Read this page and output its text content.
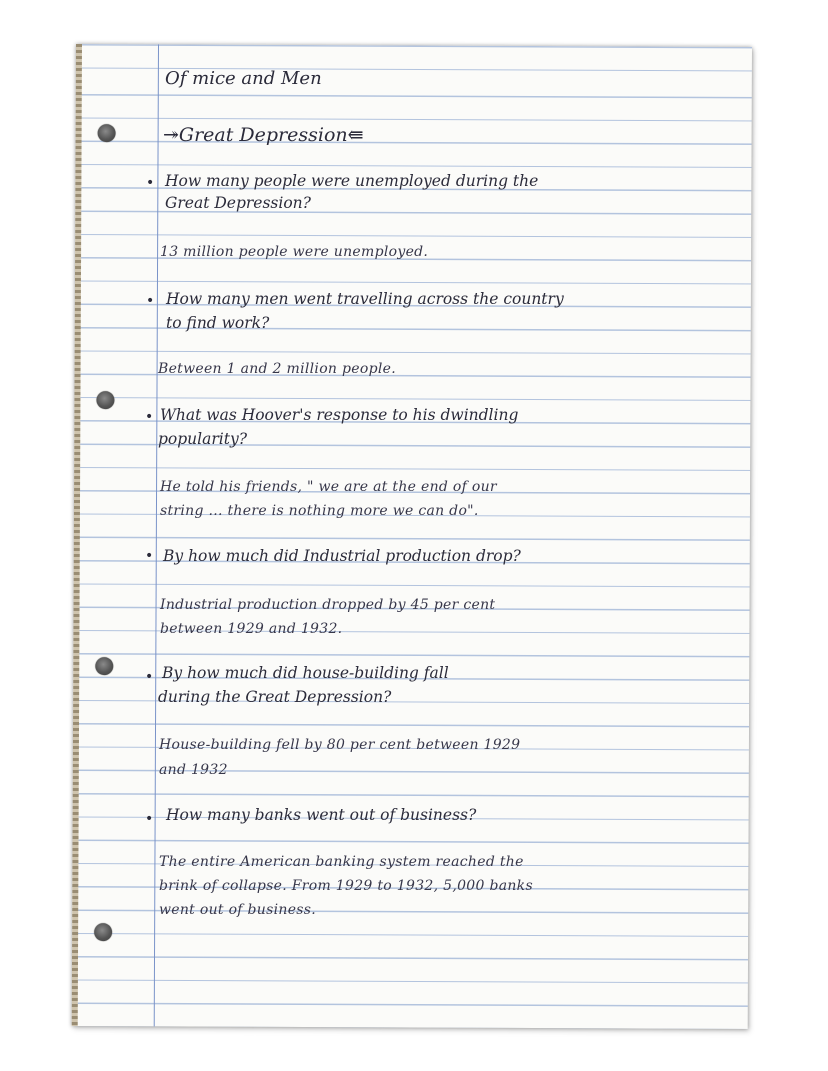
Of mice and Men
↠Great Depression⇚
• How many people were unemployed during the
Great Depression?
13 million people were unemployed.
• How many men went travelling across the country
to find work?
Between 1 and 2 million people.
• What was Hoover's response to his dwindling
popularity?
He told his friends, " we are at the end of our
string ... there is nothing more we can do".
• By how much did Industrial production drop?
Industrial production dropped by 45 per cent
between 1929 and 1932.
• By how much did house-building fall
during the Great Depression?
House-building fell by 80 per cent between 1929
and 1932
• How many banks went out of business?
The entire American banking system reached the
brink of collapse. From 1929 to 1932, 5,000 banks
went out of business.
